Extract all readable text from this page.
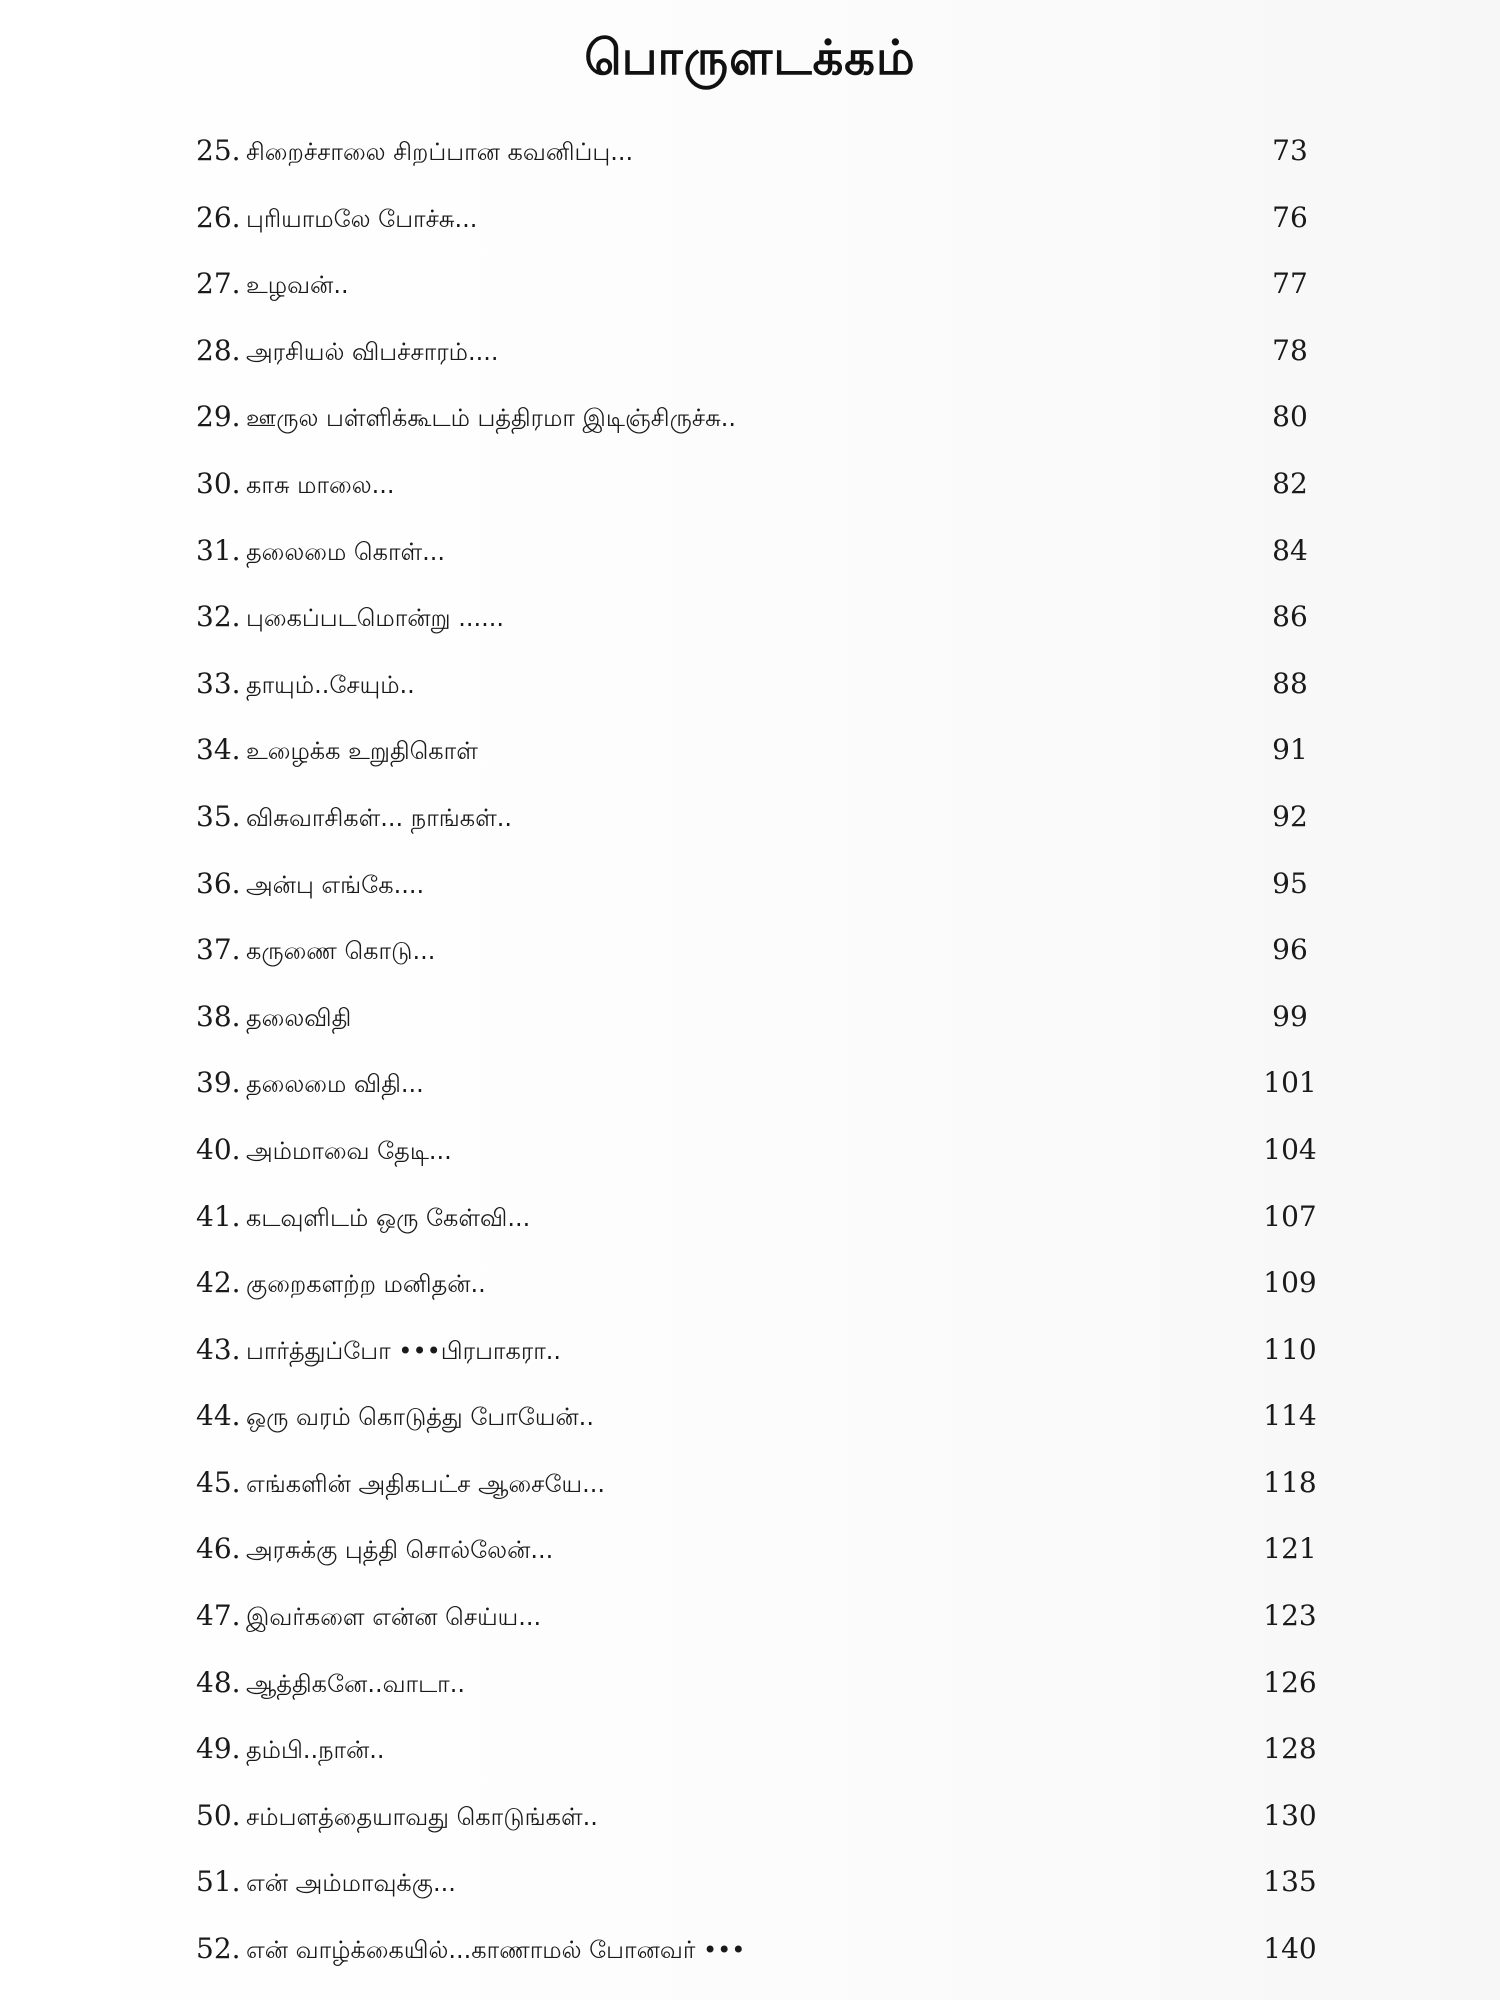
பொருளடக்கம்
25. சிறைச்சாலை சிறப்பான கவனிப்பு...	73
26. புரியாமலே போச்சு...	76
27. உழவன்..	77
28. அரசியல் விபச்சாரம்....	78
29. ஊருல பள்ளிக்கூடம் பத்திரமா இடிஞ்சிருச்சு..	80
30. காசு மாலை...	82
31. தலைமை கொள்...	84
32. புகைப்படமொன்று ......	86
33. தாயும்..சேயும்..	88
34. உழைக்க உறுதிகொள்	91
35. விசுவாசிகள்... நாங்கள்..	92
36. அன்பு எங்கே....	95
37. கருணை கொடு...	96
38. தலைவிதி	99
39. தலைமை விதி...	101
40. அம்மாவை தேடி...	104
41. கடவுளிடம் ஒரு கேள்வி...	107
42. குறைகளற்ற மனிதன்..	109
43. பார்த்துப்போ •••பிரபாகரா..	110
44. ஒரு வரம் கொடுத்து போயேன்..	114
45. எங்களின் அதிகபட்ச ஆசையே...	118
46. அரசுக்கு புத்தி சொல்லேன்...	121
47. இவர்களை என்ன செய்ய...	123
48. ஆத்திகனே..வாடா..	126
49. தம்பி..நான்..	128
50. சம்பளத்தையாவது கொடுங்கள்..	130
51. என் அம்மாவுக்கு...	135
52. என் வாழ்க்கையில்...காணாமல் போனவர் •••	140
